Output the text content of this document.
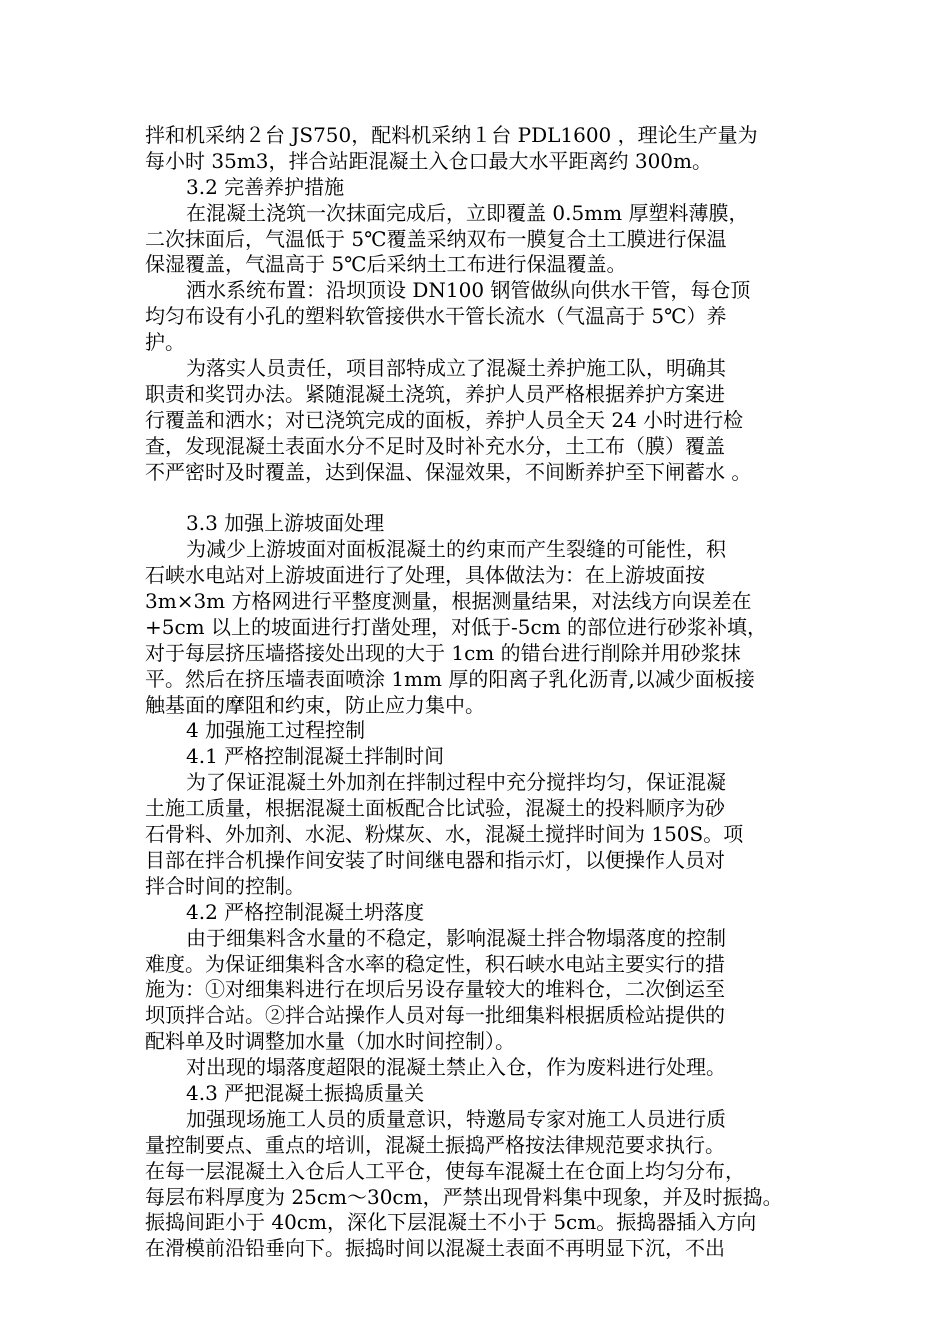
拌和机采纳２台 JS750，配料机采纳１台 PDL1600 ，理论生产量为
每小时 35m3，拌合站距混凝土入仓口最大水平距离约 300m。
3.2 完善养护措施
在混凝土浇筑一次抹面完成后，立即覆盖 0.5mm 厚塑料薄膜，
二次抹面后，气温低于 5℃覆盖采纳双布一膜复合土工膜进行保温
保湿覆盖，气温高于 5℃后采纳土工布进行保温覆盖。
洒水系统布置：沿坝顶设 DN100 钢管做纵向供水干管，每仓顶
均匀布设有小孔的塑料软管接供水干管长流水（气温高于 5℃）养
护。
为落实人员责任，项目部特成立了混凝土养护施工队，明确其
职责和奖罚办法。紧随混凝土浇筑，养护人员严格根据养护方案进
行覆盖和洒水；对已浇筑完成的面板，养护人员全天 24 小时进行检
查，发现混凝土表面水分不足时及时补充水分，土工布（膜）覆盖
不严密时及时覆盖，达到保温、保湿效果，不间断养护至下闸蓄水 。
3.3 加强上游坡面处理
为减少上游坡面对面板混凝土的约束而产生裂缝的可能性，积
石峡水电站对上游坡面进行了处理，具体做法为：在上游坡面按
3m×3m 方格网进行平整度测量，根据测量结果，对法线方向误差在
+5cm 以上的坡面进行打凿处理，对低于-5cm 的部位进行砂浆补填，
对于每层挤压墙搭接处出现的大于 1cm 的错台进行削除并用砂浆抹
平。然后在挤压墙表面喷涂 1mm 厚的阳离子乳化沥青,以减少面板接
触基面的摩阻和约束，防止应力集中。
4 加强施工过程控制
4.1 严格控制混凝土拌制时间
为了保证混凝土外加剂在拌制过程中充分搅拌均匀，保证混凝
土施工质量，根据混凝土面板配合比试验，混凝土的投料顺序为砂
石骨料、外加剂、水泥、粉煤灰、水，混凝土搅拌时间为 150S。项
目部在拌合机操作间安装了时间继电器和指示灯，以便操作人员对
拌合时间的控制。
4.2 严格控制混凝土坍落度
由于细集料含水量的不稳定，影响混凝土拌合物塌落度的控制
难度。为保证细集料含水率的稳定性，积石峡水电站主要实行的措
施为：①对细集料进行在坝后另设存量较大的堆料仓，二次倒运至
坝顶拌合站。②拌合站操作人员对每一批细集料根据质检站提供的
配料单及时调整加水量（加水时间控制）。
对出现的塌落度超限的混凝土禁止入仓，作为废料进行处理。
4.3 严把混凝土振捣质量关
加强现场施工人员的质量意识，特邀局专家对施工人员进行质
量控制要点、重点的培训，混凝土振捣严格按法律规范要求执行。
在每一层混凝土入仓后人工平仓，使每车混凝土在仓面上均匀分布，
每层布料厚度为 25cm～30cm，严禁出现骨料集中现象，并及时振捣。
振捣间距小于 40cm，深化下层混凝土不小于 5cm。振捣器插入方向
在滑模前沿铅垂向下。振捣时间以混凝土表面不再明显下沉，不出
